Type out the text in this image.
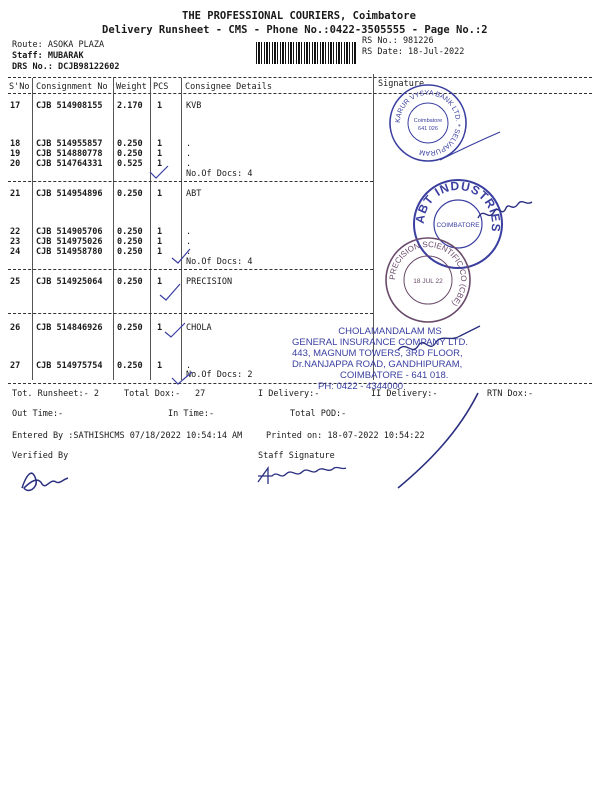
THE PROFESSIONAL COURIERS, Coimbatore
Delivery Runsheet - CMS - Phone No.:0422-3505555 - Page No.:2
Route: ASOKA PLAZA
Staff: MUBARAK
DRS No.: DCJB98122602
RS No.: 981226
RS Date: 18-Jul-2022
S'No Consignment No Weight PCS Consignee Details	Signature
17 CJB 514908155 2.170 1	KVB
18 CJB 514955857 0.250 1	.
19 CJB 514880778 0.250 1	.
20 CJB 514764331 0.525 1	.
No.Of Docs: 4
21 CJB 514954896 0.250 1	ABT
22 CJB 514905706 0.250 1	.
23 CJB 514975026 0.250 1	.
24 CJB 514958780 0.250 1	.
No.Of Docs: 4
25 CJB 514925064 0.250 1	PRECISION
26 CJB 514846926 0.250 1	CHOLA
27 CJB 514975754 0.250 1	.
No.Of Docs: 2
Tot. Runsheet:- 2	Total Dox:- 27	I Delivery:-	II Delivery:-	RTN Dox:-
Out Time:-	In Time:-	Total POD:-
Entered By :SATHISHCMS 07/18/2022 10:54:14 AM	Printed on: 18-07-2022 10:54:22
Verified By	Staff Signature
CHOLAMANDALAM MS
GENERAL INSURANCE COMPANY LTD.
443, MAGNUM TOWERS, 3RD FLOOR,
Dr.NANJAPPA ROAD, GANDHIPURAM,
COIMBATORE - 641 018.
PH: 0422 - 4344000
KARUR VYSYA BANK LTD. * SELVAPURAM
Coimbatore
641 026
ABT INDUSTRIES
COIMBATORE
PRECISION SCIENTIFIC CO (CBE)
18 JUL 22
